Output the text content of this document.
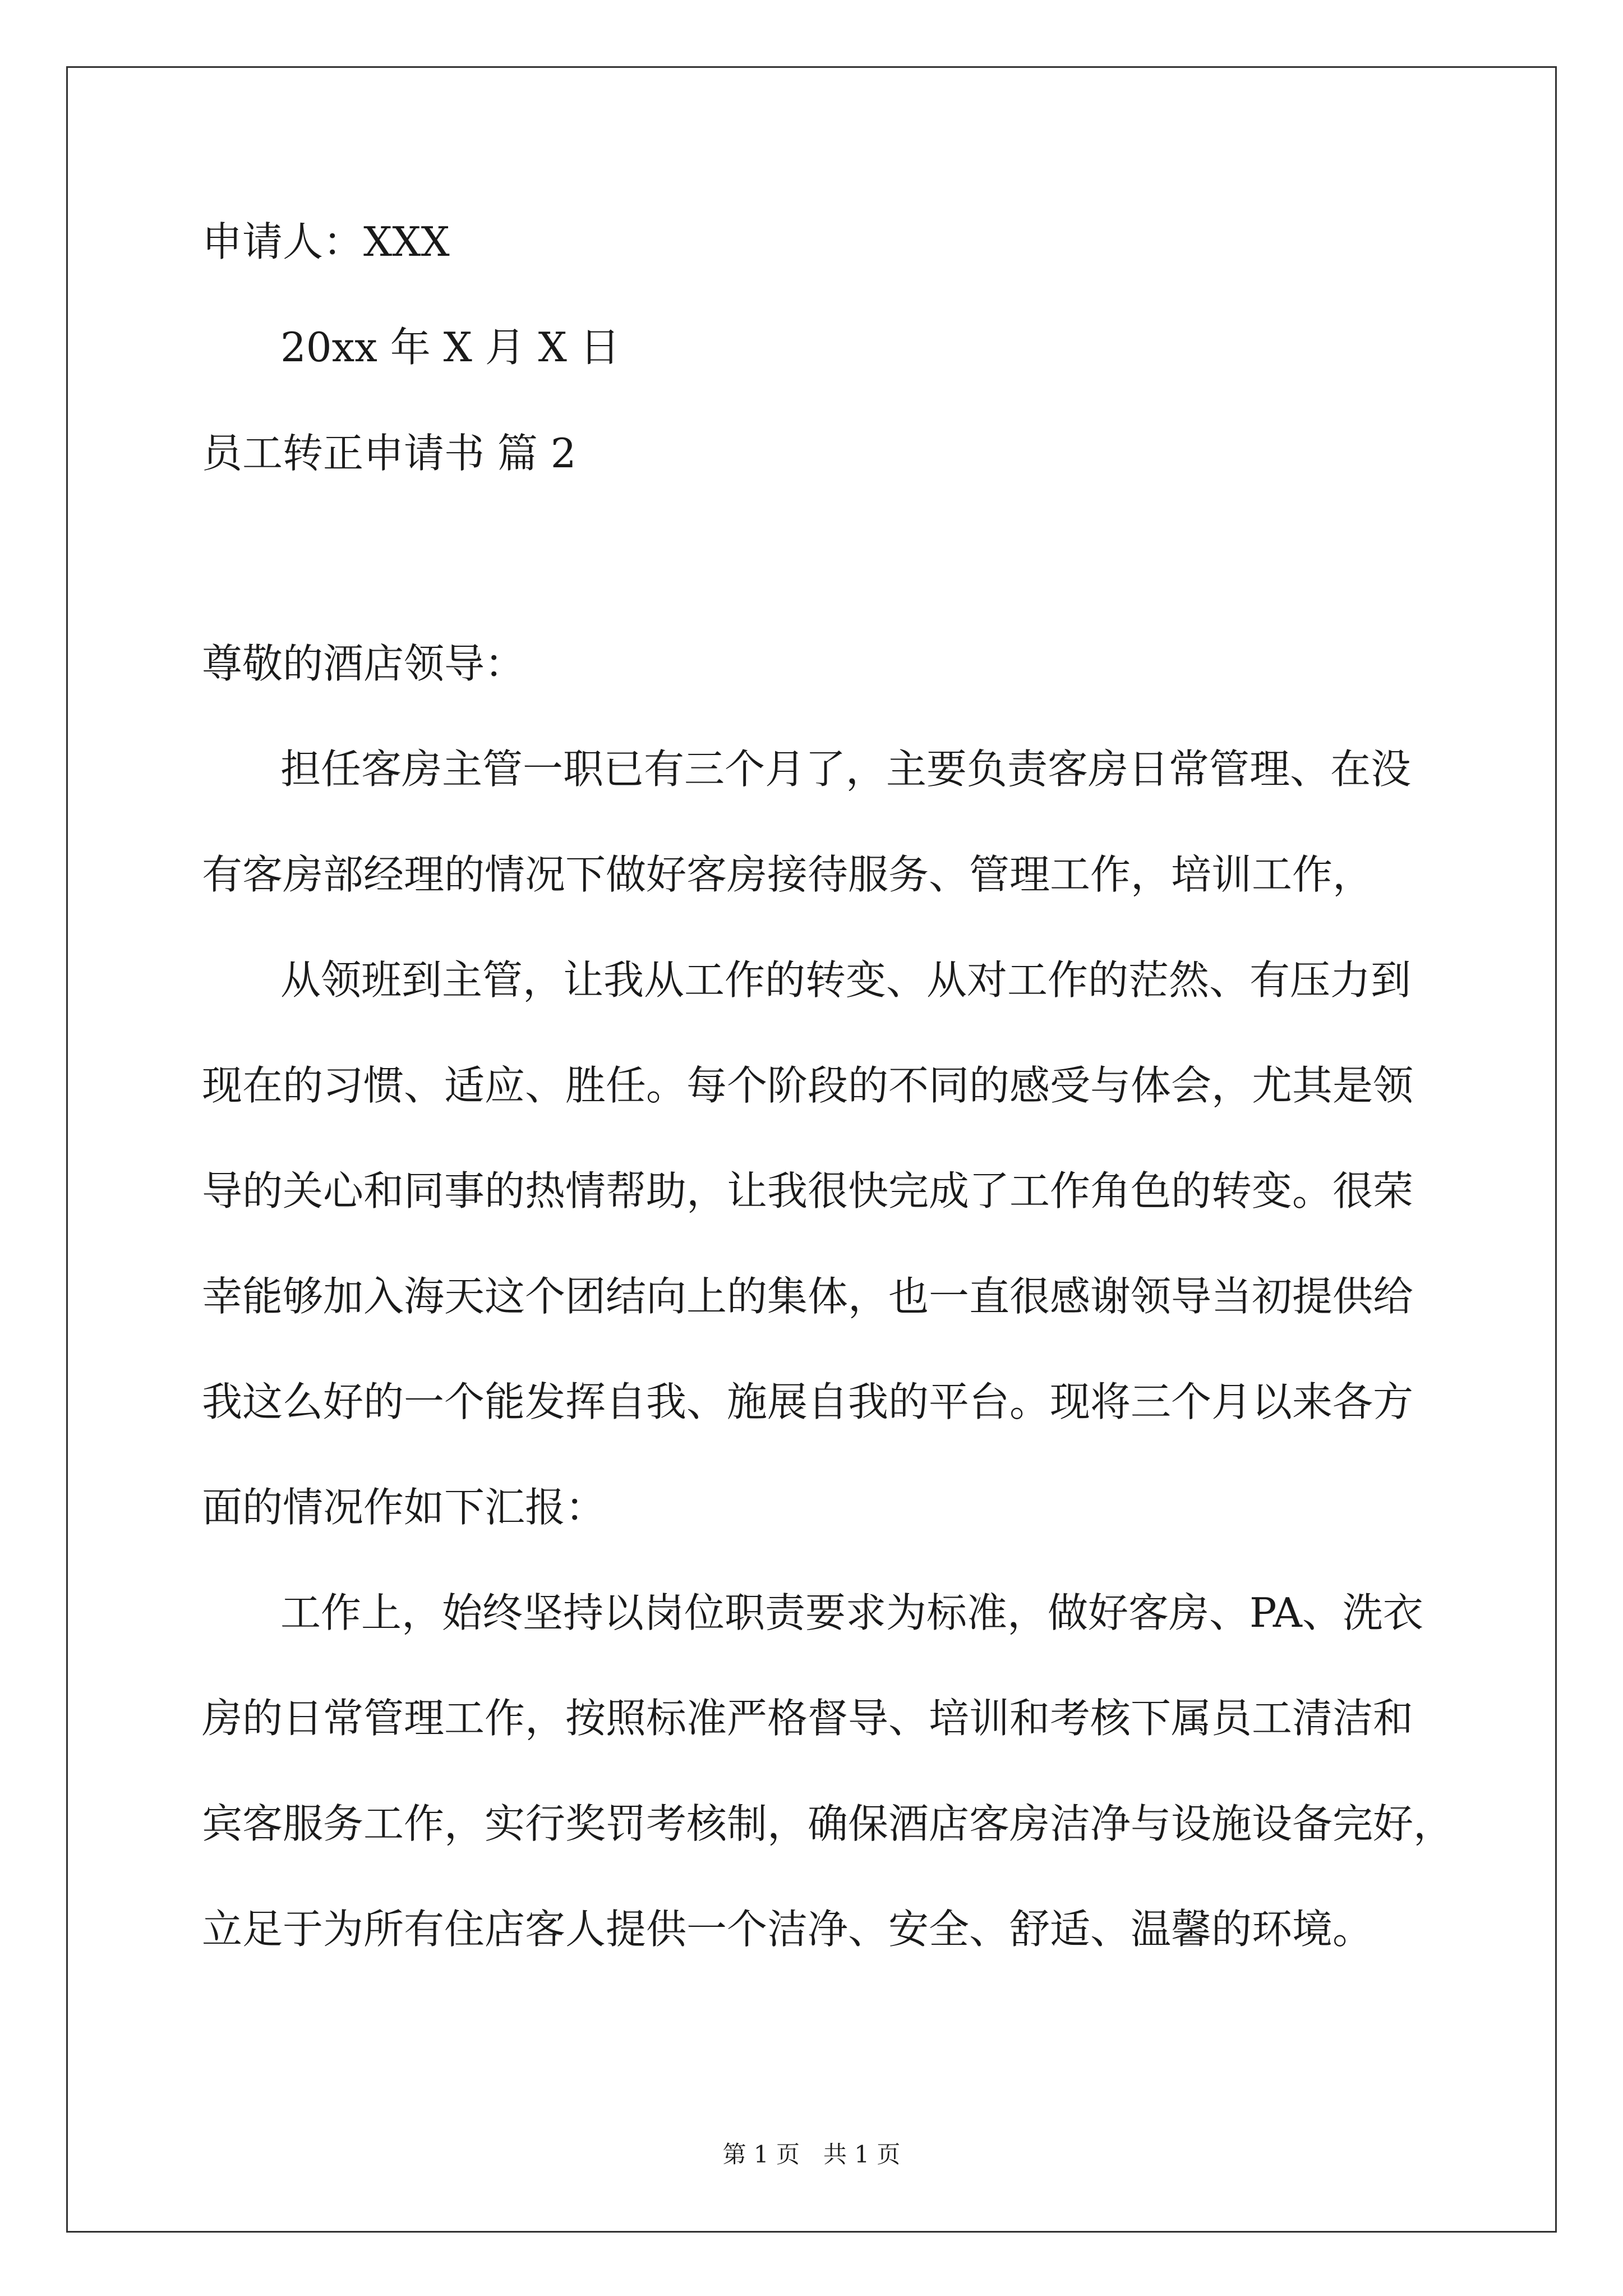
申请人：XXX
20xx 年 X 月 X 日
员工转正申请书 篇 2
尊敬的酒店领导：
担任客房主管一职已有三个月了，主要负责客房日常管理、在没
有客房部经理的情况下做好客房接待服务、管理工作，培训工作，
从领班到主管，让我从工作的转变、从对工作的茫然、有压力到
现在的习惯、适应、胜任。每个阶段的不同的感受与体会，尤其是领
导的关心和同事的热情帮助，让我很快完成了工作角色的转变。很荣
幸能够加入海天这个团结向上的集体，也一直很感谢领导当初提供给
我这么好的一个能发挥自我、施展自我的平台。现将三个月以来各方
面的情况作如下汇报：
工作上，始终坚持以岗位职责要求为标准，做好客房、PA、洗衣
房的日常管理工作，按照标准严格督导、培训和考核下属员工清洁和
宾客服务工作，实行奖罚考核制，确保酒店客房洁净与设施设备完好，
立足于为所有住店客人提供一个洁净、安全、舒适、温馨的环境。
第 1 页　共 1 页
